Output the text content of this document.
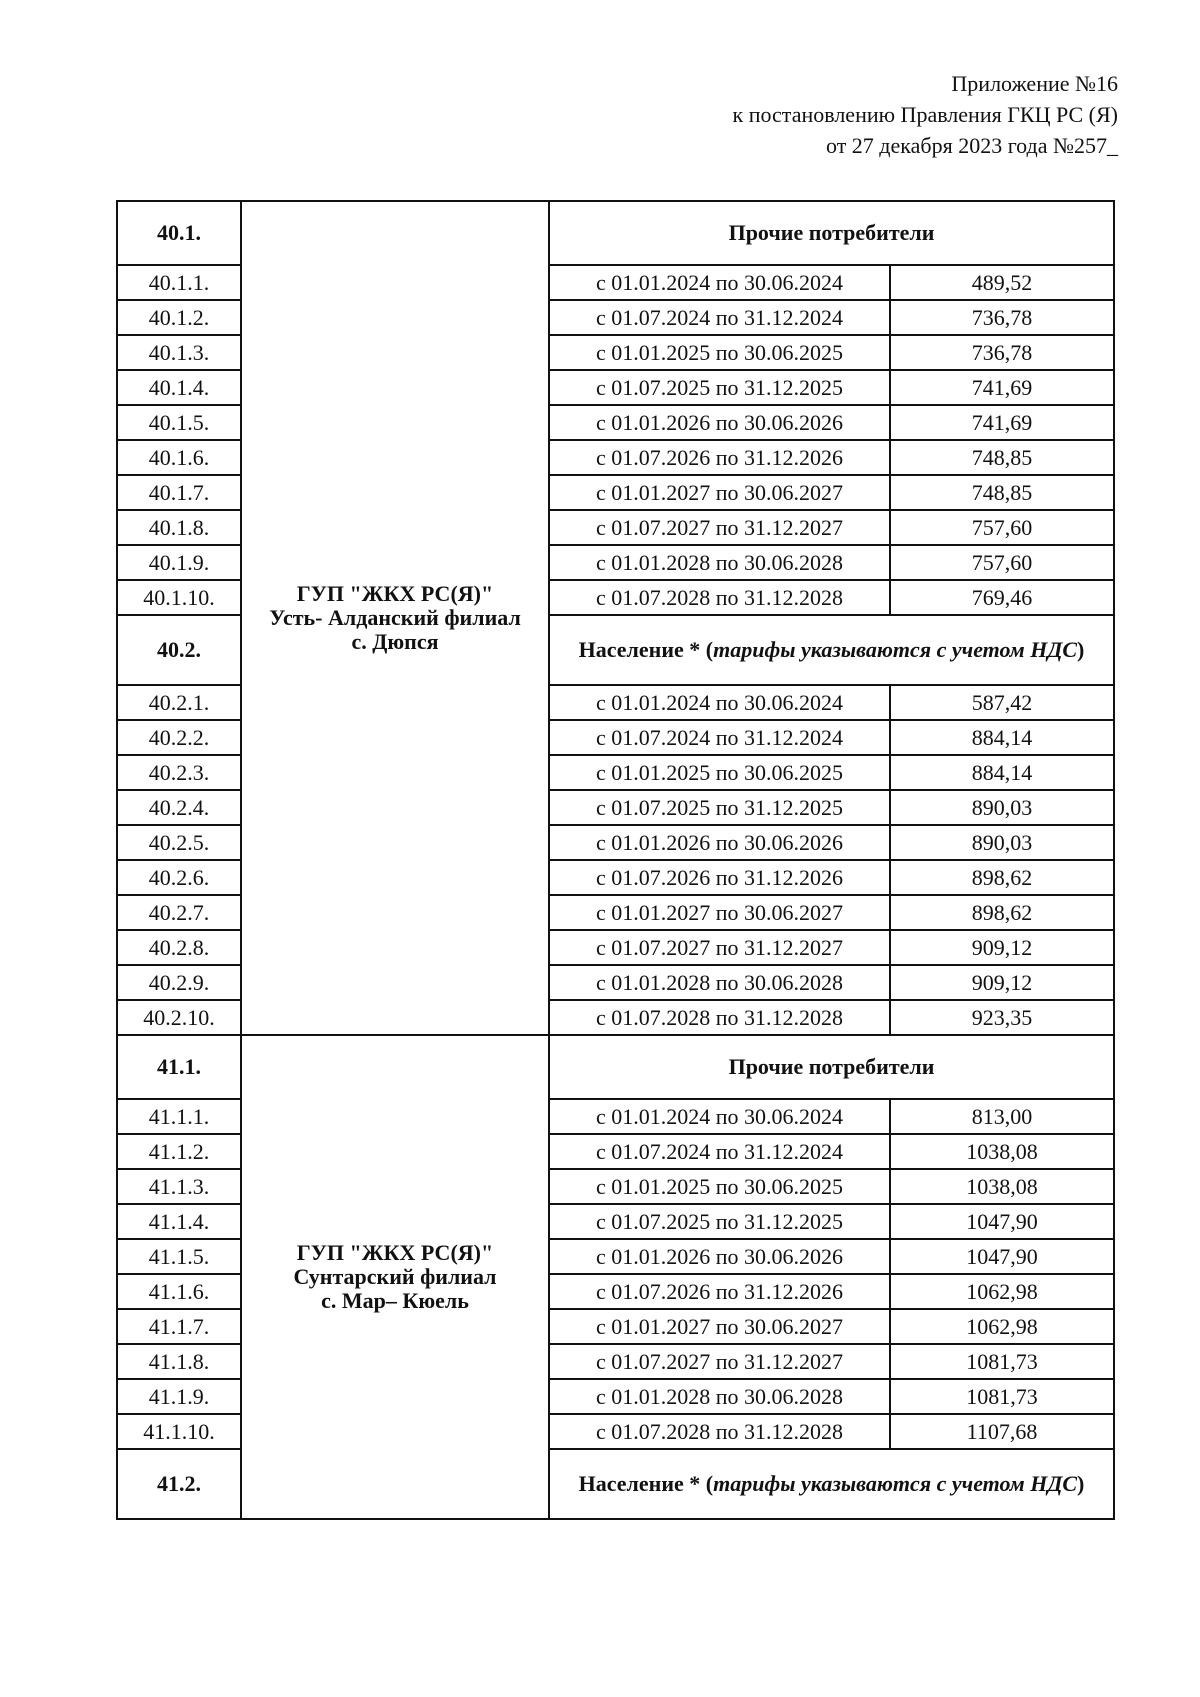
Приложение №16
к постановлению Правления ГКЦ РС (Я)
от 27 декабря 2023 года №257_
40.1.	ГУП "ЖКХ РС(Я)"
Усть- Алданский филиал
с. Дюпся	Прочие потребители	
40.1.1.		с 01.01.2024 по 30.06.2024	489,52
40.1.2.		с 01.07.2024 по 31.12.2024	736,78
40.1.3.		с 01.01.2025 по 30.06.2025	736,78
40.1.4.		с 01.07.2025 по 31.12.2025	741,69
40.1.5.		с 01.01.2026 по 30.06.2026	741,69
40.1.6.		с 01.07.2026 по 31.12.2026	748,85
40.1.7.		с 01.01.2027 по 30.06.2027	748,85
40.1.8.		с 01.07.2027 по 31.12.2027	757,60
40.1.9.		с 01.01.2028 по 30.06.2028	757,60
40.1.10.		с 01.07.2028 по 31.12.2028	769,46
40.2.		Население * (тарифы указываются с учетом НДС)	
40.2.1.		с 01.01.2024 по 30.06.2024	587,42
40.2.2.		с 01.07.2024 по 31.12.2024	884,14
40.2.3.		с 01.01.2025 по 30.06.2025	884,14
40.2.4.		с 01.07.2025 по 31.12.2025	890,03
40.2.5.		с 01.01.2026 по 30.06.2026	890,03
40.2.6.		с 01.07.2026 по 31.12.2026	898,62
40.2.7.		с 01.01.2027 по 30.06.2027	898,62
40.2.8.		с 01.07.2027 по 31.12.2027	909,12
40.2.9.		с 01.01.2028 по 30.06.2028	909,12
40.2.10.		с 01.07.2028 по 31.12.2028	923,35
41.1.	ГУП "ЖКХ РС(Я)"
Сунтарский филиал
с. Мар– Кюель	Прочие потребители	
41.1.1.		с 01.01.2024 по 30.06.2024	813,00
41.1.2.		с 01.07.2024 по 31.12.2024	1038,08
41.1.3.		с 01.01.2025 по 30.06.2025	1038,08
41.1.4.		с 01.07.2025 по 31.12.2025	1047,90
41.1.5.		с 01.01.2026 по 30.06.2026	1047,90
41.1.6.		с 01.07.2026 по 31.12.2026	1062,98
41.1.7.		с 01.01.2027 по 30.06.2027	1062,98
41.1.8.		с 01.07.2027 по 31.12.2027	1081,73
41.1.9.		с 01.01.2028 по 30.06.2028	1081,73
41.1.10.		с 01.07.2028 по 31.12.2028	1107,68
41.2.		Население * (тарифы указываются с учетом НДС)	
